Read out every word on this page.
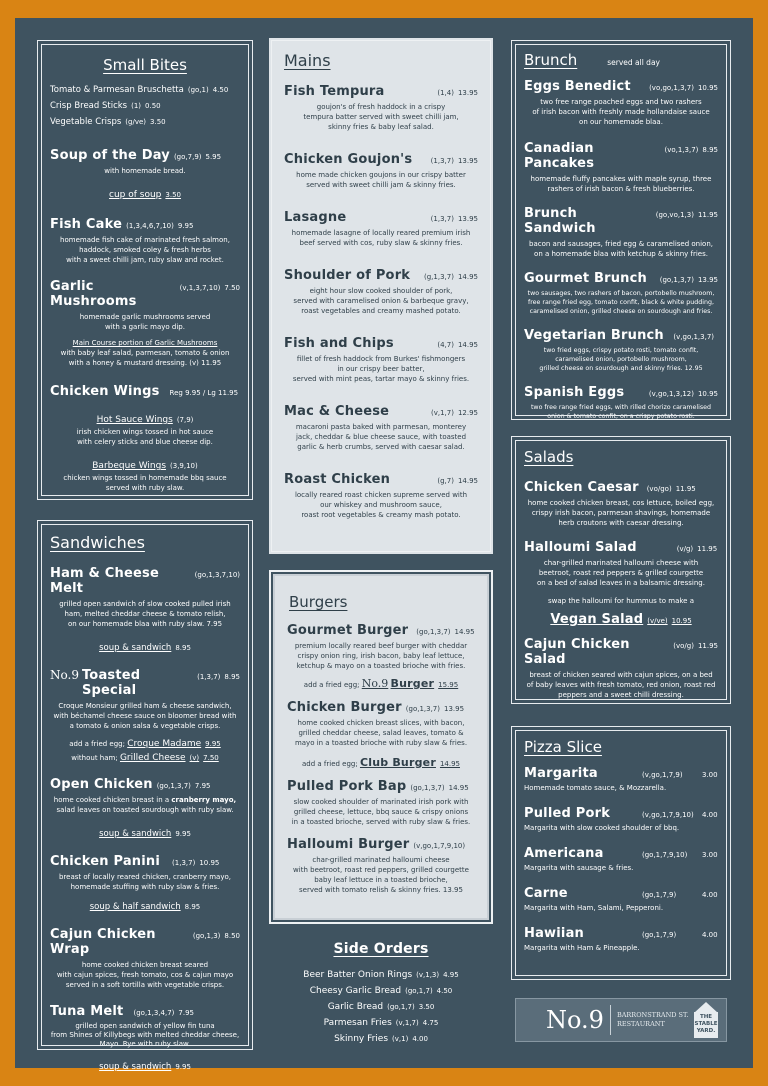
Small Bites
Tomato & Parmesan Bruschetta (go,1) 4.50
Crisp Bread Sticks (1) 0.50
Vegetable Crisps (g/ve) 3.50
Soup of the Day (go,7,9) 5.95
with homemade bread.
cup of soup 3.50
Fish Cake (1,3,4,6,7,10) 9.95
homemade fish cake of marinated fresh salmon,
haddock, smoked coley & fresh herbs
with a sweet chilli jam, ruby slaw and rocket.
Garlic Mushrooms
(v,1,3,7,10) 7.50
homemade garlic mushrooms served
with a garlic mayo dip.
Main Course portion of Garlic Mushrooms
with baby leaf salad, parmesan, tomato & onion
with a honey & mustard dressing. (v) 11.95
Chicken Wings Reg 9.95 / Lg 11.95
Hot Sauce Wings (7,9)
irish chicken wings tossed in hot sauce
with celery sticks and blue cheese dip.
Barbeque Wings (3,9,10)
chicken wings tossed in homemade bbq sauce
served with ruby slaw.
Sandwiches
Ham & Cheese Melt
(go,1,3,7,10)
grilled open sandwich of slow cooked pulled irish
ham, melted cheddar cheese & tomato relish,
on our homemade blaa with ruby slaw. 7.95
soup & sandwich 8.95
No.9 Toasted Special
(1,3,7) 8.95
Croque Monsieur grilled ham & cheese sandwich,
with béchamel cheese sauce on bloomer bread with
a tomato & onion salsa & vegetable crisps.
add a fried egg; Croque Madame 9.95
without ham; Grilled Cheese (v) 7.50
Open Chicken (go,1,3,7) 7.95
home cooked chicken breast in a cranberry mayo,
salad leaves on toasted sourdough with ruby slaw.
soup & sandwich 9.95
Chicken Panini (1,3,7) 10.95
breast of locally reared chicken, cranberry mayo,
homemade stuffing with ruby slaw & fries.
soup & half sandwich 8.95
Cajun Chicken Wrap
(go,1,3) 8.50
home cooked chicken breast seared
with cajun spices, fresh tomato, cos & cajun mayo
served in a soft tortilla with vegetable crisps.
Tuna Melt (go,1,3,4,7) 7.95
grilled open sandwich of yellow fin tuna
from Shines of Killybegs with melted cheddar cheese,
Mayo. Rye with ruby slaw.
soup & sandwich 9.95
Mains
Fish Tempura	(1,4) 13.95
goujon's of fresh haddock in a crispy
tempura batter served with sweet chilli jam,
skinny fries & baby leaf salad.
Chicken Goujon's	(1,3,7) 13.95
home made chicken goujons in our crispy batter
served with sweet chilli jam & skinny fries.
Lasagne	(1,3,7) 13.95
homemade lasagne of locally reared premium irish
beef served with cos, ruby slaw & skinny fries.
Shoulder of Pork (g,1,3,7) 14.95
eight hour slow cooked shoulder of pork,
served with caramelised onion & barbeque gravy,
roast vegetables and creamy mashed potato.
Fish and Chips	(4,7) 14.95
fillet of fresh haddock from Burkes' fishmongers
in our crispy beer batter,
served with mint peas, tartar mayo & skinny fries.
Mac & Cheese	(v,1,7) 12.95
macaroni pasta baked with parmesan, monterey
jack, cheddar & blue cheese sauce, with toasted
garlic & herb crumbs, served with caesar salad.
Roast Chicken	(g,7) 14.95
locally reared roast chicken supreme served with
our whiskey and mushroom sauce,
roast root vegetables & creamy mash potato.
Burgers
Gourmet Burger (go,1,3,7) 14.95
premium locally reared beef burger with cheddar
crispy onion ring, irish bacon, baby leaf lettuce,
ketchup & mayo on a toasted brioche with fries.
add a fried egg; No.9 Burger 15.95
Chicken Burger (go,1,3,7) 13.95
home cooked chicken breast slices, with bacon,
grilled cheddar cheese, salad leaves, tomato &
mayo in a toasted brioche with ruby slaw & fries.
add a fried egg; Club Burger 14.95
Pulled Pork Bap (go,1,3,7) 14.95
slow cooked shoulder of marinated irish pork with
grilled cheese, lettuce, bbq sauce & crispy onions
in a toasted brioche, served with ruby slaw & fries.
Halloumi Burger (v,go,1,7,9,10)
char-grilled marinated halloumi cheese
with beetroot, roast red peppers, grilled courgette
baby leaf lettuce in a toasted brioche,
served with tomato relish & skinny fries. 13.95
Side Orders
Beer Batter Onion Rings (v,1,3) 4.95
Cheesy Garlic Bread (go,1,7) 4.50
Garlic Bread (go,1,7) 3.50
Parmesan Fries (v,1,7) 4.75
Skinny Fries (v,1) 4.00
Brunch	served all day
Eggs Benedict	(vo,go,1,3,7) 10.95
two free range poached eggs and two rashers
of irish bacon with freshly made hollandaise sauce
on our homemade blaa.
Canadian Pancakes
(vo,1,3,7) 8.95
homemade fluffy pancakes with maple syrup, three
rashers of irish bacon & fresh blueberries.
Brunch Sandwich
(go,vo,1,3) 11.95
bacon and sausages, fried egg & caramelised onion,
on a homemade blaa with ketchup & skinny fries.
Gourmet Brunch (go,1,3,7) 13.95
two sausages, two rashers of bacon, portobello mushroom,
free range fried egg, tomato confit, black & white pudding,
caramelised onion, grilled cheese on sourdough and fries.
Vegetarian Brunch (v,go,1,3,7)
two fried eggs, crispy potato rosti, tomato confit,
caramelised onion, portobello mushroom,
grilled cheese on sourdough and skinny fries. 12.95
Spanish Eggs	(v,go,1,3,12) 10.95
two free range fried eggs, with rilled chorizo caramelised
onion & tomato confit, on a crispy potato rosti.
Salads
Chicken Caesar (vo/go) 11.95
home cooked chicken breast, cos lettuce, boiled egg,
crispy irish bacon, parmesan shavings, homemade
herb croutons with caesar dressing.
Halloumi Salad	(v/g) 11.95
char-grilled marinated halloumi cheese with
beetroot, roast red peppers & grilled courgette
on a bed of salad leaves in a balsamic dressing.
swap the halloumi for hummus to make a
Vegan Salad (v/ve) 10.95
Cajun Chicken Salad
(vo/g) 11.95
breast of chicken seared with cajun spices, on a bed
of baby leaves with fresh tomato, red onion, roast red
peppers and a sweet chilli dressing.
Pizza Slice
Margarita	(v,go,1,7,9)	3.00
Homemade tomato sauce, & Mozzarella.
Pulled Pork	(v,go,1,7,9,10)	4.00
Margarita with slow cooked shoulder of bbq.
Americana	(go,1,7,9,10)	3.00
Margarita with sausage & fries.
Carne	(go,1,7,9)	4.00
Margarita with Ham, Salami, Pepperoni.
Hawiian	(go,1,7,9)	4.00
Margarita with Ham & Pineapple.
No.9 BARRONSTRAND ST.
RESTAURANT
THE
STABLE
YARD.
